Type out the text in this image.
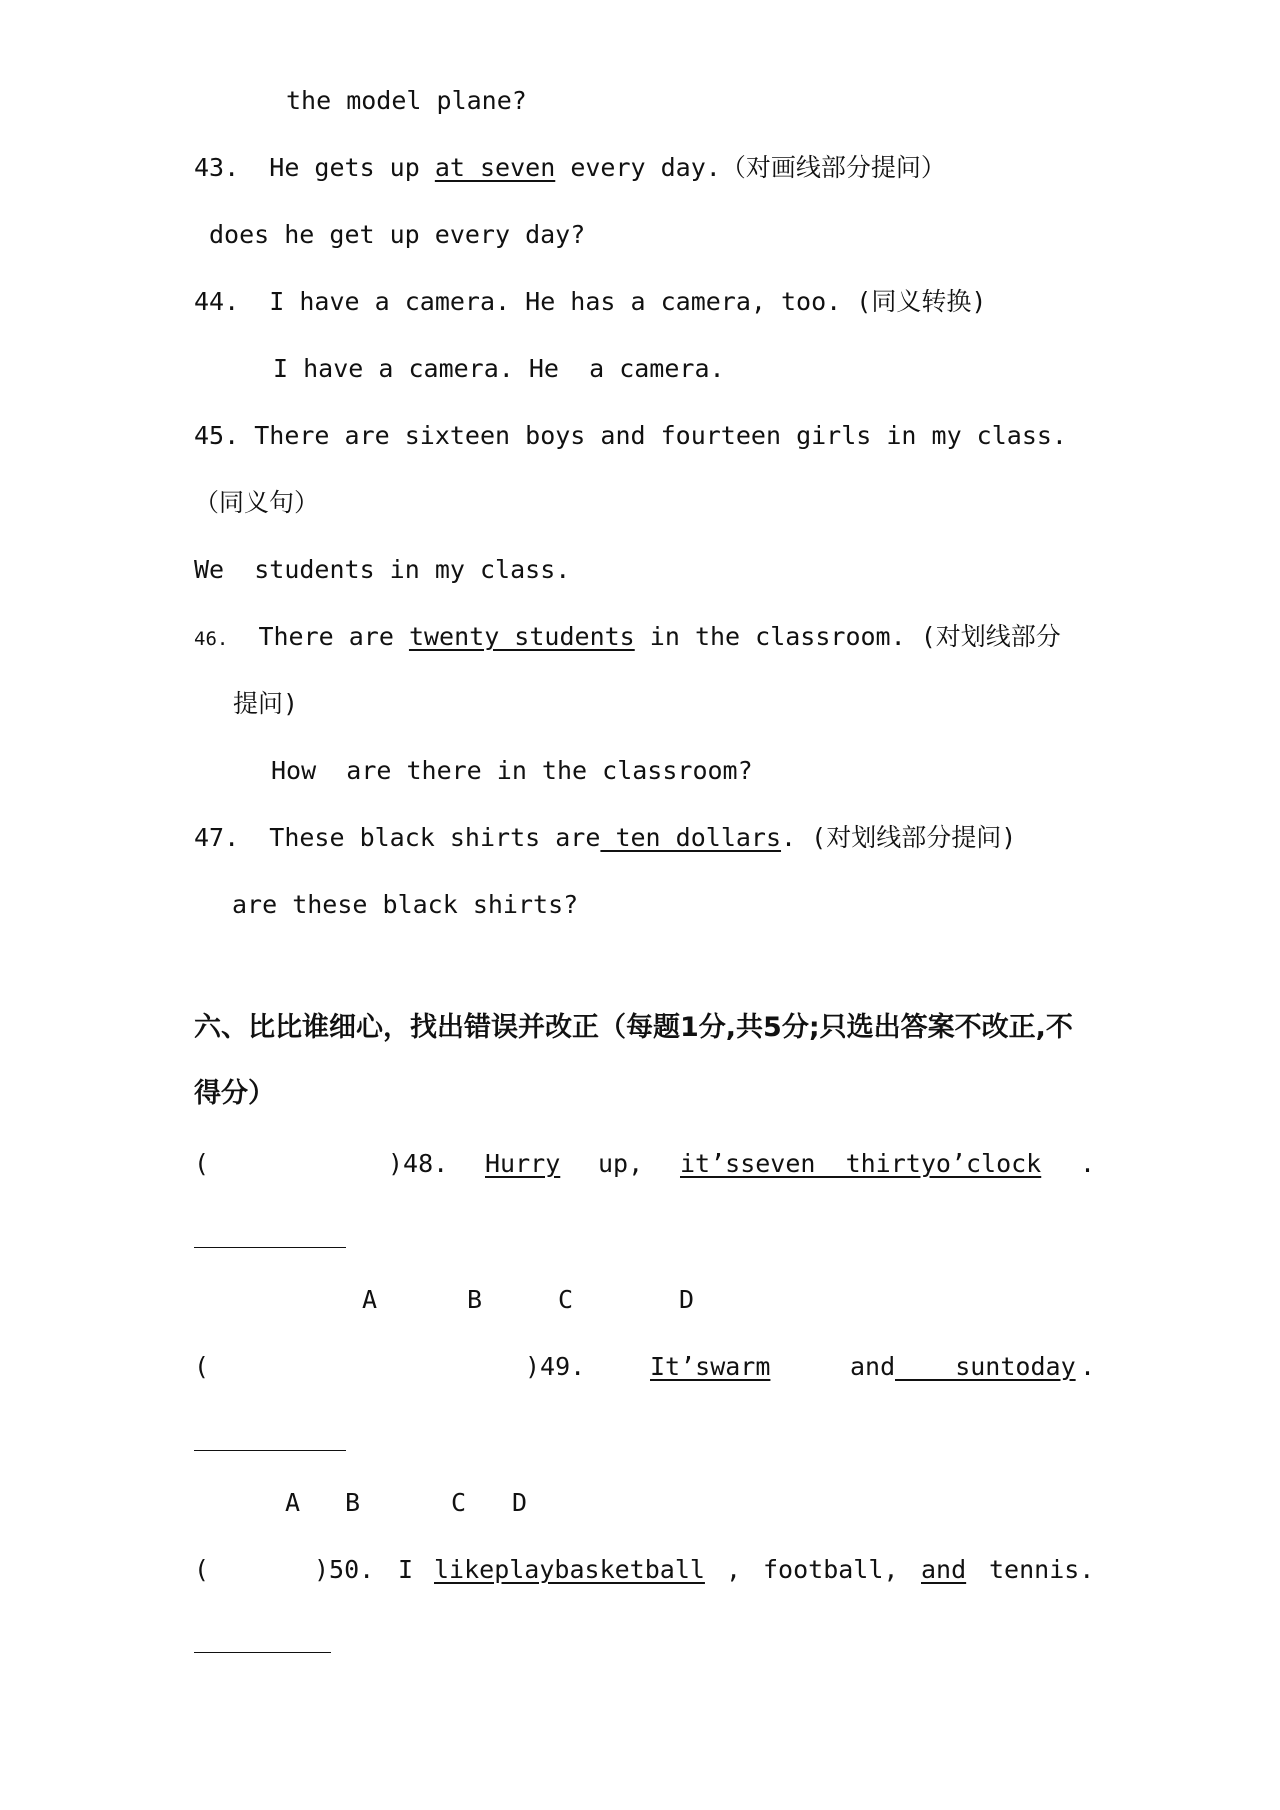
the model plane?
43. He gets up at seven every day.（对画线部分提问）
does he get up every day?
44. I have a camera. He has a camera, too. (同义转换)
I have a camera. He a camera.
45. There are sixteen boys and fourteen girls in my class.
（同义句）
We students in my class.
46. There are twenty students in the classroom. (对划线部分
提问)
How are there in the classroom?
47. These black shirts are ten dollars. (对划线部分提问)
are these black shirts?
六、比比谁细心，找出错误并改正（每题1分,共5分;只选出答案不改正,不得分）
(	)48. Hurry up, it’sseven  thirtyo’clock .
A	B	C	D
(	)49.	It’swarm	and suntoday .
A B	C D
(	)50. I likeplaybasketball , football, and tennis.
